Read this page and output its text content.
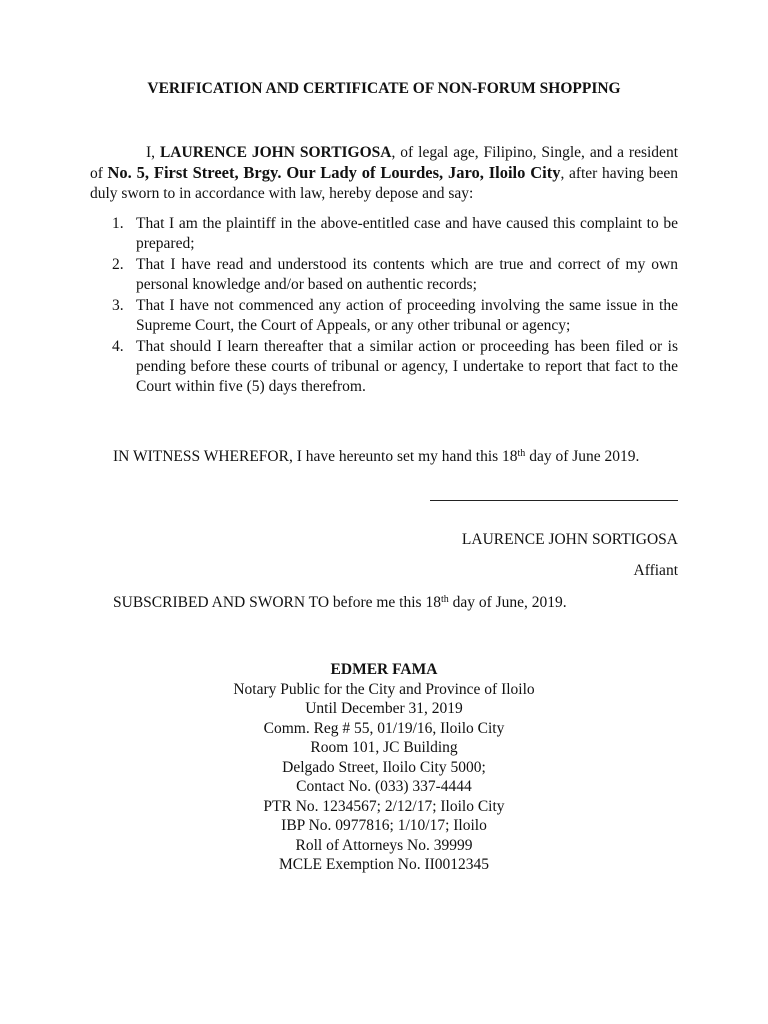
VERIFICATION AND CERTIFICATE OF NON-FORUM SHOPPING
I, LAURENCE JOHN SORTIGOSA, of legal age, Filipino, Single, and a resident of No. 5, First Street, Brgy. Our Lady of Lourdes, Jaro, Iloilo City, after having been duly sworn to in accordance with law, hereby depose and say:
1. That I am the plaintiff in the above-entitled case and have caused this complaint to be prepared;
2. That I have read and understood its contents which are true and correct of my own personal knowledge and/or based on authentic records;
3. That I have not commenced any action of proceeding involving the same issue in the Supreme Court, the Court of Appeals, or any other tribunal or agency;
4. That should I learn thereafter that a similar action or proceeding has been filed or is pending before these courts of tribunal or agency, I undertake to report that fact to the Court within five (5) days therefrom.
IN WITNESS WHEREFOR, I have hereunto set my hand this 18th day of June 2019.
LAURENCE JOHN SORTIGOSA
Affiant
SUBSCRIBED AND SWORN TO before me this 18th day of June, 2019.
EDMER FAMA
Notary Public for the City and Province of Iloilo
Until December 31, 2019
Comm. Reg # 55, 01/19/16, Iloilo City
Room 101, JC Building
Delgado Street, Iloilo City 5000;
Contact No. (033) 337-4444
PTR No. 1234567; 2/12/17; Iloilo City
IBP No. 0977816; 1/10/17; Iloilo
Roll of Attorneys No. 39999
MCLE Exemption No. II0012345
